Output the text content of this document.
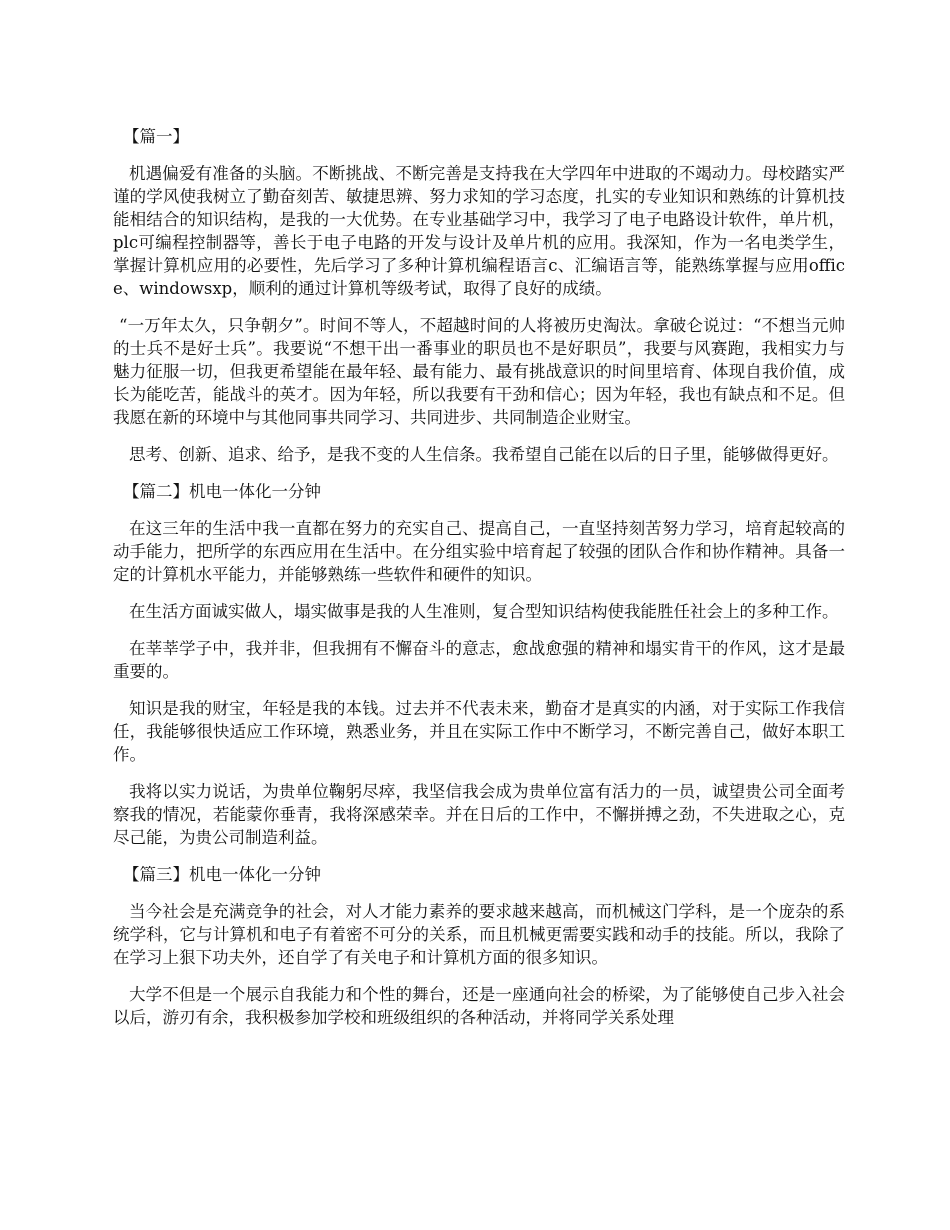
【篇一】

机遇偏爱有准备的头脑。不断挑战、不断完善是支持我在大学四年中进取的不竭动力。母校踏实严谨的学风使我树立了勤奋刻苦、敏捷思辨、努力求知的学习态度，扎实的专业知识和熟练的计算机技能相结合的知识结构，是我的一大优势。在专业基础学习中，我学习了电子电路设计软件，单片机，plc可编程控制器等，善长于电子电路的开发与设计及单片机的应用。我深知，作为一名电类学生，掌握计算机应用的必要性，先后学习了多种计算机编程语言c、汇编语言等，能熟练掌握与应用office、windowsxp，顺利的通过计算机等级考试，取得了良好的成绩。

“一万年太久，只争朝夕”。时间不等人，不超越时间的人将被历史淘汰。拿破仑说过：“不想当元帅的士兵不是好士兵”。我要说“不想干出一番事业的职员也不是好职员”，我要与风赛跑，我相实力与魅力征服一切，但我更希望能在最年轻、最有能力、最有挑战意识的时间里培育、体现自我价值，成长为能吃苦，能战斗的英才。因为年轻，所以我要有干劲和信心；因为年轻，我也有缺点和不足。但我愿在新的环境中与其他同事共同学习、共同进步、共同制造企业财宝。

思考、创新、追求、给予，是我不变的人生信条。我希望自己能在以后的日子里，能够做得更好。

【篇二】机电一体化一分钟

在这三年的生活中我一直都在努力的充实自己、提高自己，一直坚持刻苦努力学习，培育起较高的动手能力，把所学的东西应用在生活中。在分组实验中培育起了较强的团队合作和协作精神。具备一定的计算机水平能力，并能够熟练一些软件和硬件的知识。

在生活方面诚实做人，塌实做事是我的人生准则，复合型知识结构使我能胜任社会上的多种工作。

在莘莘学子中，我并非，但我拥有不懈奋斗的意志，愈战愈强的精神和塌实肯干的作风，这才是最重要的。

知识是我的财宝，年轻是我的本钱。过去并不代表未来，勤奋才是真实的内涵，对于实际工作我信任，我能够很快适应工作环境，熟悉业务，并且在实际工作中不断学习，不断完善自己，做好本职工作。

我将以实力说话，为贵单位鞠躬尽瘁，我坚信我会成为贵单位富有活力的一员，诚望贵公司全面考察我的情况，若能蒙你垂青，我将深感荣幸。并在日后的工作中，不懈拼搏之劲，不失进取之心，克尽己能，为贵公司制造利益。

【篇三】机电一体化一分钟

当今社会是充满竞争的社会，对人才能力素养的要求越来越高，而机械这门学科，是一个庞杂的系统学科，它与计算机和电子有着密不可分的关系，而且机械更需要实践和动手的技能。所以，我除了在学习上狠下功夫外，还自学了有关电子和计算机方面的很多知识。

大学不但是一个展示自我能力和个性的舞台，还是一座通向社会的桥梁，为了能够使自己步入社会以后，游刃有余，我积极参加学校和班级组织的各种活动，并将同学关系处理
